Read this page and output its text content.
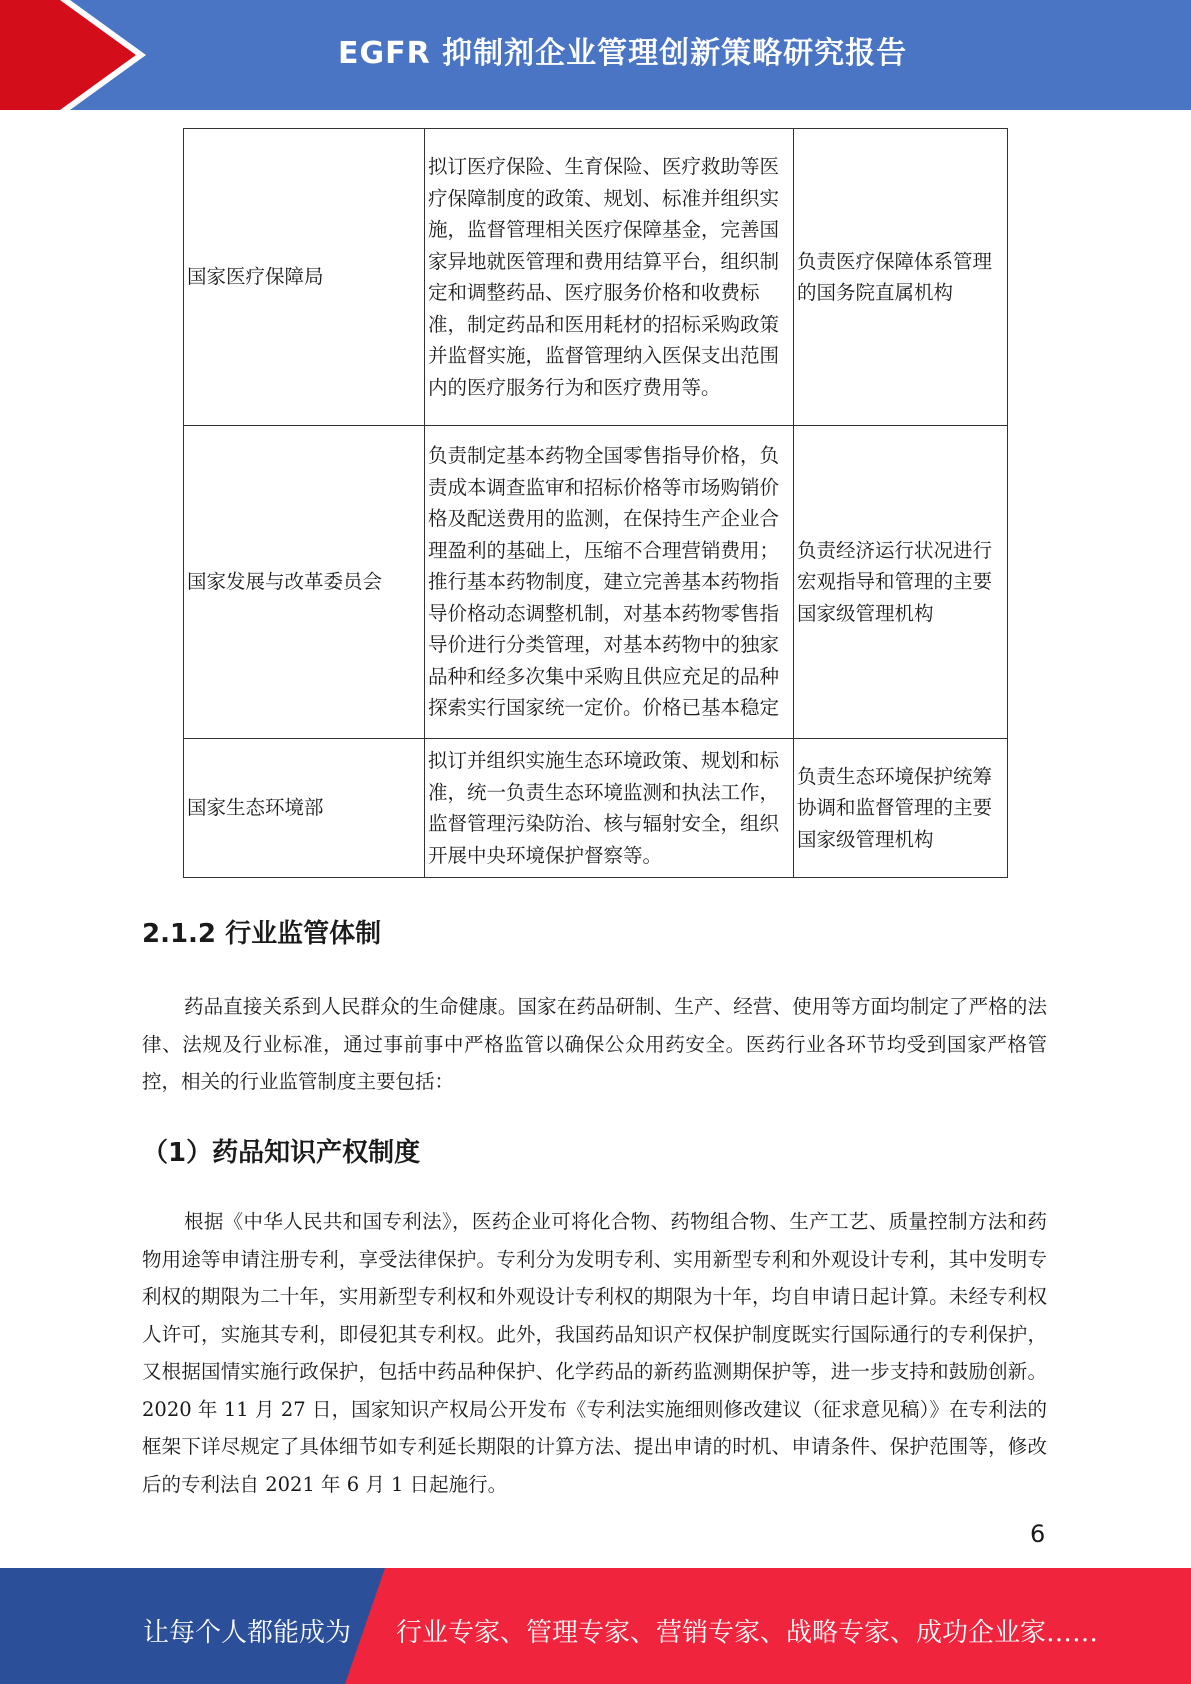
EGFR 抑制剂企业管理创新策略研究报告
国家医疗保障局	拟订医疗保险、生育保险、医疗救助等医疗保障制度的政策、规划、标准并组织实施，监督管理相关医疗保障基金，完善国家异地就医管理和费用结算平台，组织制定和调整药品、医疗服务价格和收费标准，制定药品和医用耗材的招标采购政策并监督实施，监督管理纳入医保支出范围内的医疗服务行为和医疗费用等。	负责医疗保障体系管理的国务院直属机构
国家发展与改革委员会	负责制定基本药物全国零售指导价格，负责成本调查监审和招标价格等市场购销价格及配送费用的监测，在保持生产企业合理盈利的基础上，压缩不合理营销费用；推行基本药物制度，建立完善基本药物指导价格动态调整机制，对基本药物零售指导价进行分类管理，对基本药物中的独家品种和经多次集中采购且供应充足的品种探索实行国家统一定价。价格已基本稳定	负责经济运行状况进行宏观指导和管理的主要国家级管理机构
国家生态环境部	拟订并组织实施生态环境政策、规划和标准，统一负责生态环境监测和执法工作，监督管理污染防治、核与辐射安全，组织开展中央环境保护督察等。	负责生态环境保护统筹协调和监督管理的主要国家级管理机构
2.1.2 行业监管体制

药品直接关系到人民群众的生命健康。国家在药品研制、生产、经营、使用等方面均制定了严格的法律、法规及行业标准，通过事前事中严格监管以确保公众用药安全。医药行业各环节均受到国家严格管控，相关的行业监管制度主要包括：

（1）药品知识产权制度

根据《中华人民共和国专利法》，医药企业可将化合物、药物组合物、生产工艺、质量控制方法和药物用途等申请注册专利，享受法律保护。专利分为发明专利、实用新型专利和外观设计专利，其中发明专利权的期限为二十年，实用新型专利权和外观设计专利权的期限为十年，均自申请日起计算。未经专利权人许可，实施其专利，即侵犯其专利权。此外，我国药品知识产权保护制度既实行国际通行的专利保护，又根据国情实施行政保护，包括中药品种保护、化学药品的新药监测期保护等，进一步支持和鼓励创新。2020 年 11 月 27 日，国家知识产权局公开发布《专利法实施细则修改建议（征求意见稿）》在专利法的框架下详尽规定了具体细节如专利延长期限的计算方法、提出申请的时机、申请条件、保护范围等，修改后的专利法自 2021 年 6 月 1 日起施行。

6
让每个人都能成为 行业专家、管理专家、营销专家、战略专家、成功企业家……
